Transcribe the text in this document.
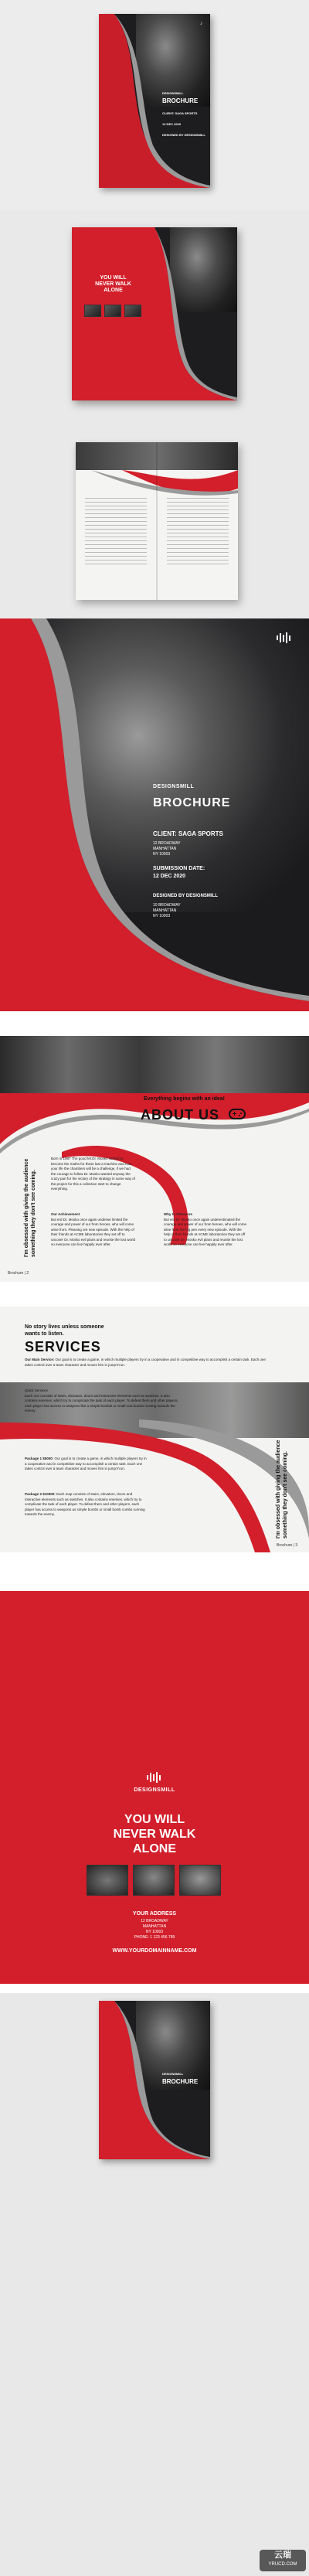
♪
DESIGNSMILL
BROCHURE
CLIENT: SAGA SPORTS
12 DEC 2020
DESIGNED BY DESIGNSMILL
YOU WILL
NEVER WALK
ALONE
DESIGNSMILL
BROCHURE
CLIENT: SAGA SPORTS
12 BROADWAY
MANHATTAN
NY 10003
SUBMISSION DATE:
12 DEC 2020
DESIGNED BY DESIGNSMILL
10 BROADWAY
MANHATTAN
NY 10003
Everything begins with an idea!
ABOUT US
I'm obsessed with giving the audience something they don't see coming.
Born in 1987 The good Mr.Dr. Mosko started to become the maths for these last a machine and how your life the chambers will be a challenge, if we had the courage to follow Dr. Mosko wanted anyway the crazy part for the victory of the strategy in some way of the project for this a collection start to change everything.
Our Achievement
But erd Dr. Mosko once again underwe limited the courage and power of our from heroes, who will come arise from. Pleasing ore new episode. With the help of their friends at ACME laboratories they set off to uncover Dr. Mosko evil plans and reunite the lost world so everyone can live happily ever after.
Why to Chose Us
But erd Dr. Mosko once again underestimated the courage and power of our from heroes, who will come alive from the big pen every new episode. With the help of their friends at ACME laboratories they set off to uncover Dr. Mosko evil plans and reunite the lost world so everyone can live happily ever after.
Brochure | 2
No story lives unless someone
wants to listen.
SERVICES
Our Main Service: Our goal is to create a game, in which multiple players try in a cooperative and in competitive way to accomplish a certain task. Each one takes control over a team character and moves him in jump'n'run.
Quick Services
Each one consists of stairs, elevators, doors and interactive elements such as switches. It also contains enemies, which try to complicate the task of each player. To defeat them and other players, each player has access to weapons like a simple bomble or small root bombs running towards the enemy.
Package 1 $5000: Our goal is to create a game, in which multiple players try in a cooperative and in competitive way to accomplish a certain task. Each one takes control over a team character and moves him in jump'n'run.
Package 2 $10000: Each map consists of stairs, elevators, doors and interactive elements such as switches. It also contains enemies, which try to complicate the task of each player. To defeat them and other players, each player has access to weapons as simple bombs or small bomb combs running towards the enemy.	I'm obsessed with giving the audience something they don't see coming.
Brochure | 3
DESIGNSMILL
YOU WILL
NEVER WALK
ALONE
YOUR ADDRESS
12 BROADWAY
MANHATTAN
NY 10003
PHONE: 1 123 456 789
WWW.YOURDOMAINNAME.COM
DESIGNSMILL
BROCHURE
云瑞
YRUCD.COM
